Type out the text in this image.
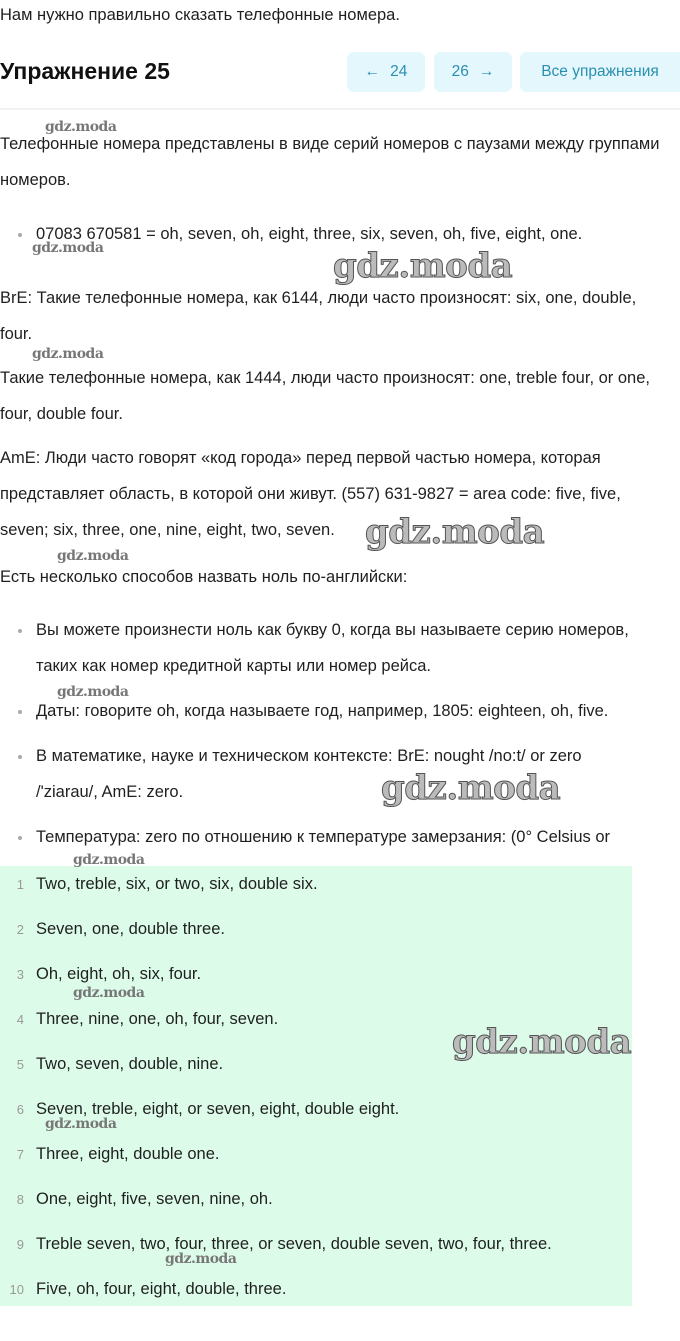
Нам нужно правильно сказать телефонные номера.
Упражнение 25	← 24	26 →	Все упражнения
Телефонные номера представлены в виде серий номеров с паузами между группами номеров.
07083 670581 = oh, seven, oh, eight, three, six, seven, oh, five, eight, one.
BrE: Такие телефонные номера, как 6144, люди часто произносят: six, one, double, four.
Такие телефонные номера, как 1444, люди часто произносят: one, treble four, or one, four, double four.
AmE: Люди часто говорят «код города» перед первой частью номера, которая представляет область, в которой они живут. (557) 631-9827 = area code: five, five, seven; six, three, one, nine, eight, two, seven.
Есть несколько способов назвать ноль по-английски:
Вы можете произнести ноль как букву 0, когда вы называете серию номеров, таких как номер кредитной карты или номер рейса.
Даты: говорите oh, когда называете год, например, 1805: eighteen, oh, five.
В математике, науке и техническом контексте: BrE: nought /no:t/ or zero /'ziarau/, AmE: zero.
Температура: zero по отношению к температуре замерзания: (0° Celsius or
1 Two, treble, six, or two, six, double six.
2 Seven, one, double three.
3 Oh, eight, oh, six, four.
4 Three, nine, one, oh, four, seven.
5 Two, seven, double, nine.
6 Seven, treble, eight, or seven, eight, double eight.
7 Three, eight, double one.
8 One, eight, five, seven, nine, oh.
9 Treble seven, two, four, three, or seven, double seven, two, four, three.
10 Five, oh, four, eight, double, three.
gdz.moda
gdz.moda	gdz.moda
gdz.moda
gdz.moda
gdz.moda
gdz.moda
gdz.moda
gdz.moda
gdz.moda
gdz.moda
gdz.moda
gdz.moda
